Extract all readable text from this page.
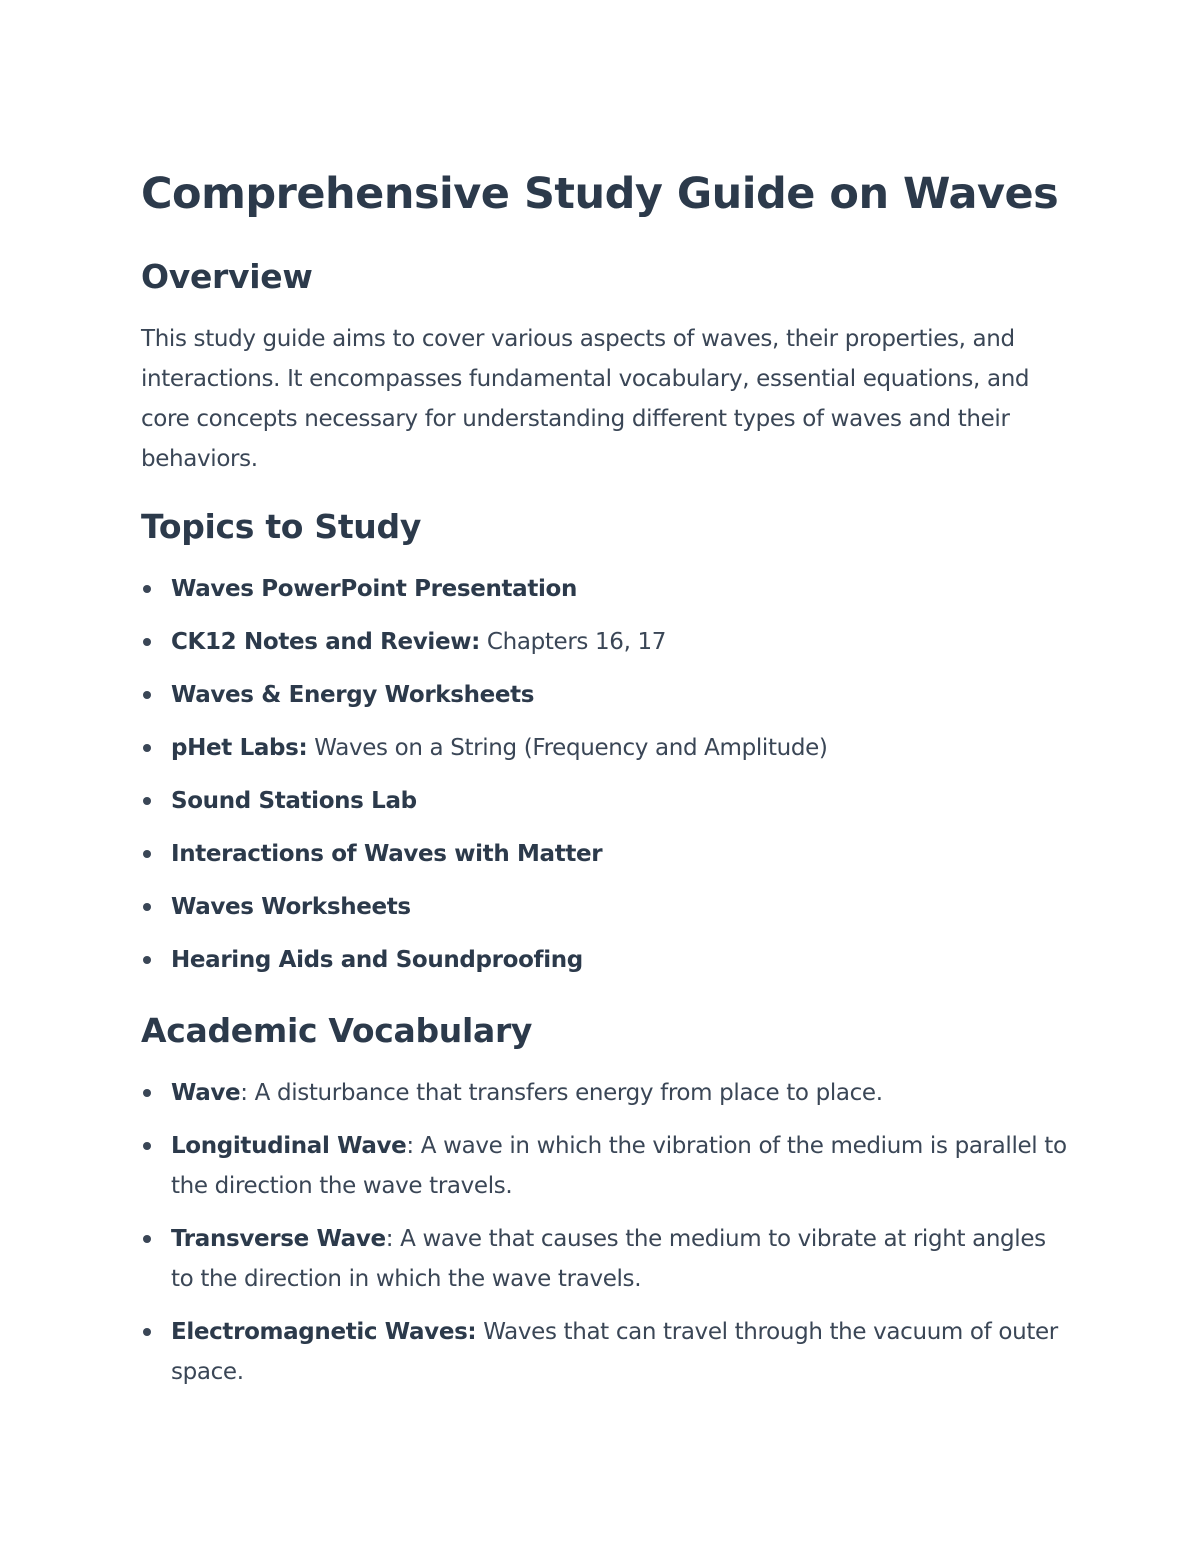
Comprehensive Study Guide on Waves
Overview

This study guide aims to cover various aspects of waves, their properties, and interactions. It encompasses fundamental vocabulary, essential equations, and core concepts necessary for understanding different types of waves and their behaviors.

Topics to Study
Waves PowerPoint Presentation
CK12 Notes and Review: Chapters 16, 17
Waves & Energy Worksheets
pHet Labs: Waves on a String (Frequency and Amplitude)
Sound Stations Lab
Interactions of Waves with Matter
Waves Worksheets
Hearing Aids and Soundproofing
Academic Vocabulary
Wave: A disturbance that transfers energy from place to place.
Longitudinal Wave: A wave in which the vibration of the medium is parallel to the direction the wave travels.
Transverse Wave: A wave that causes the medium to vibrate at right angles to the direction in which the wave travels.
Electromagnetic Waves: Waves that can travel through the vacuum of outer space.
